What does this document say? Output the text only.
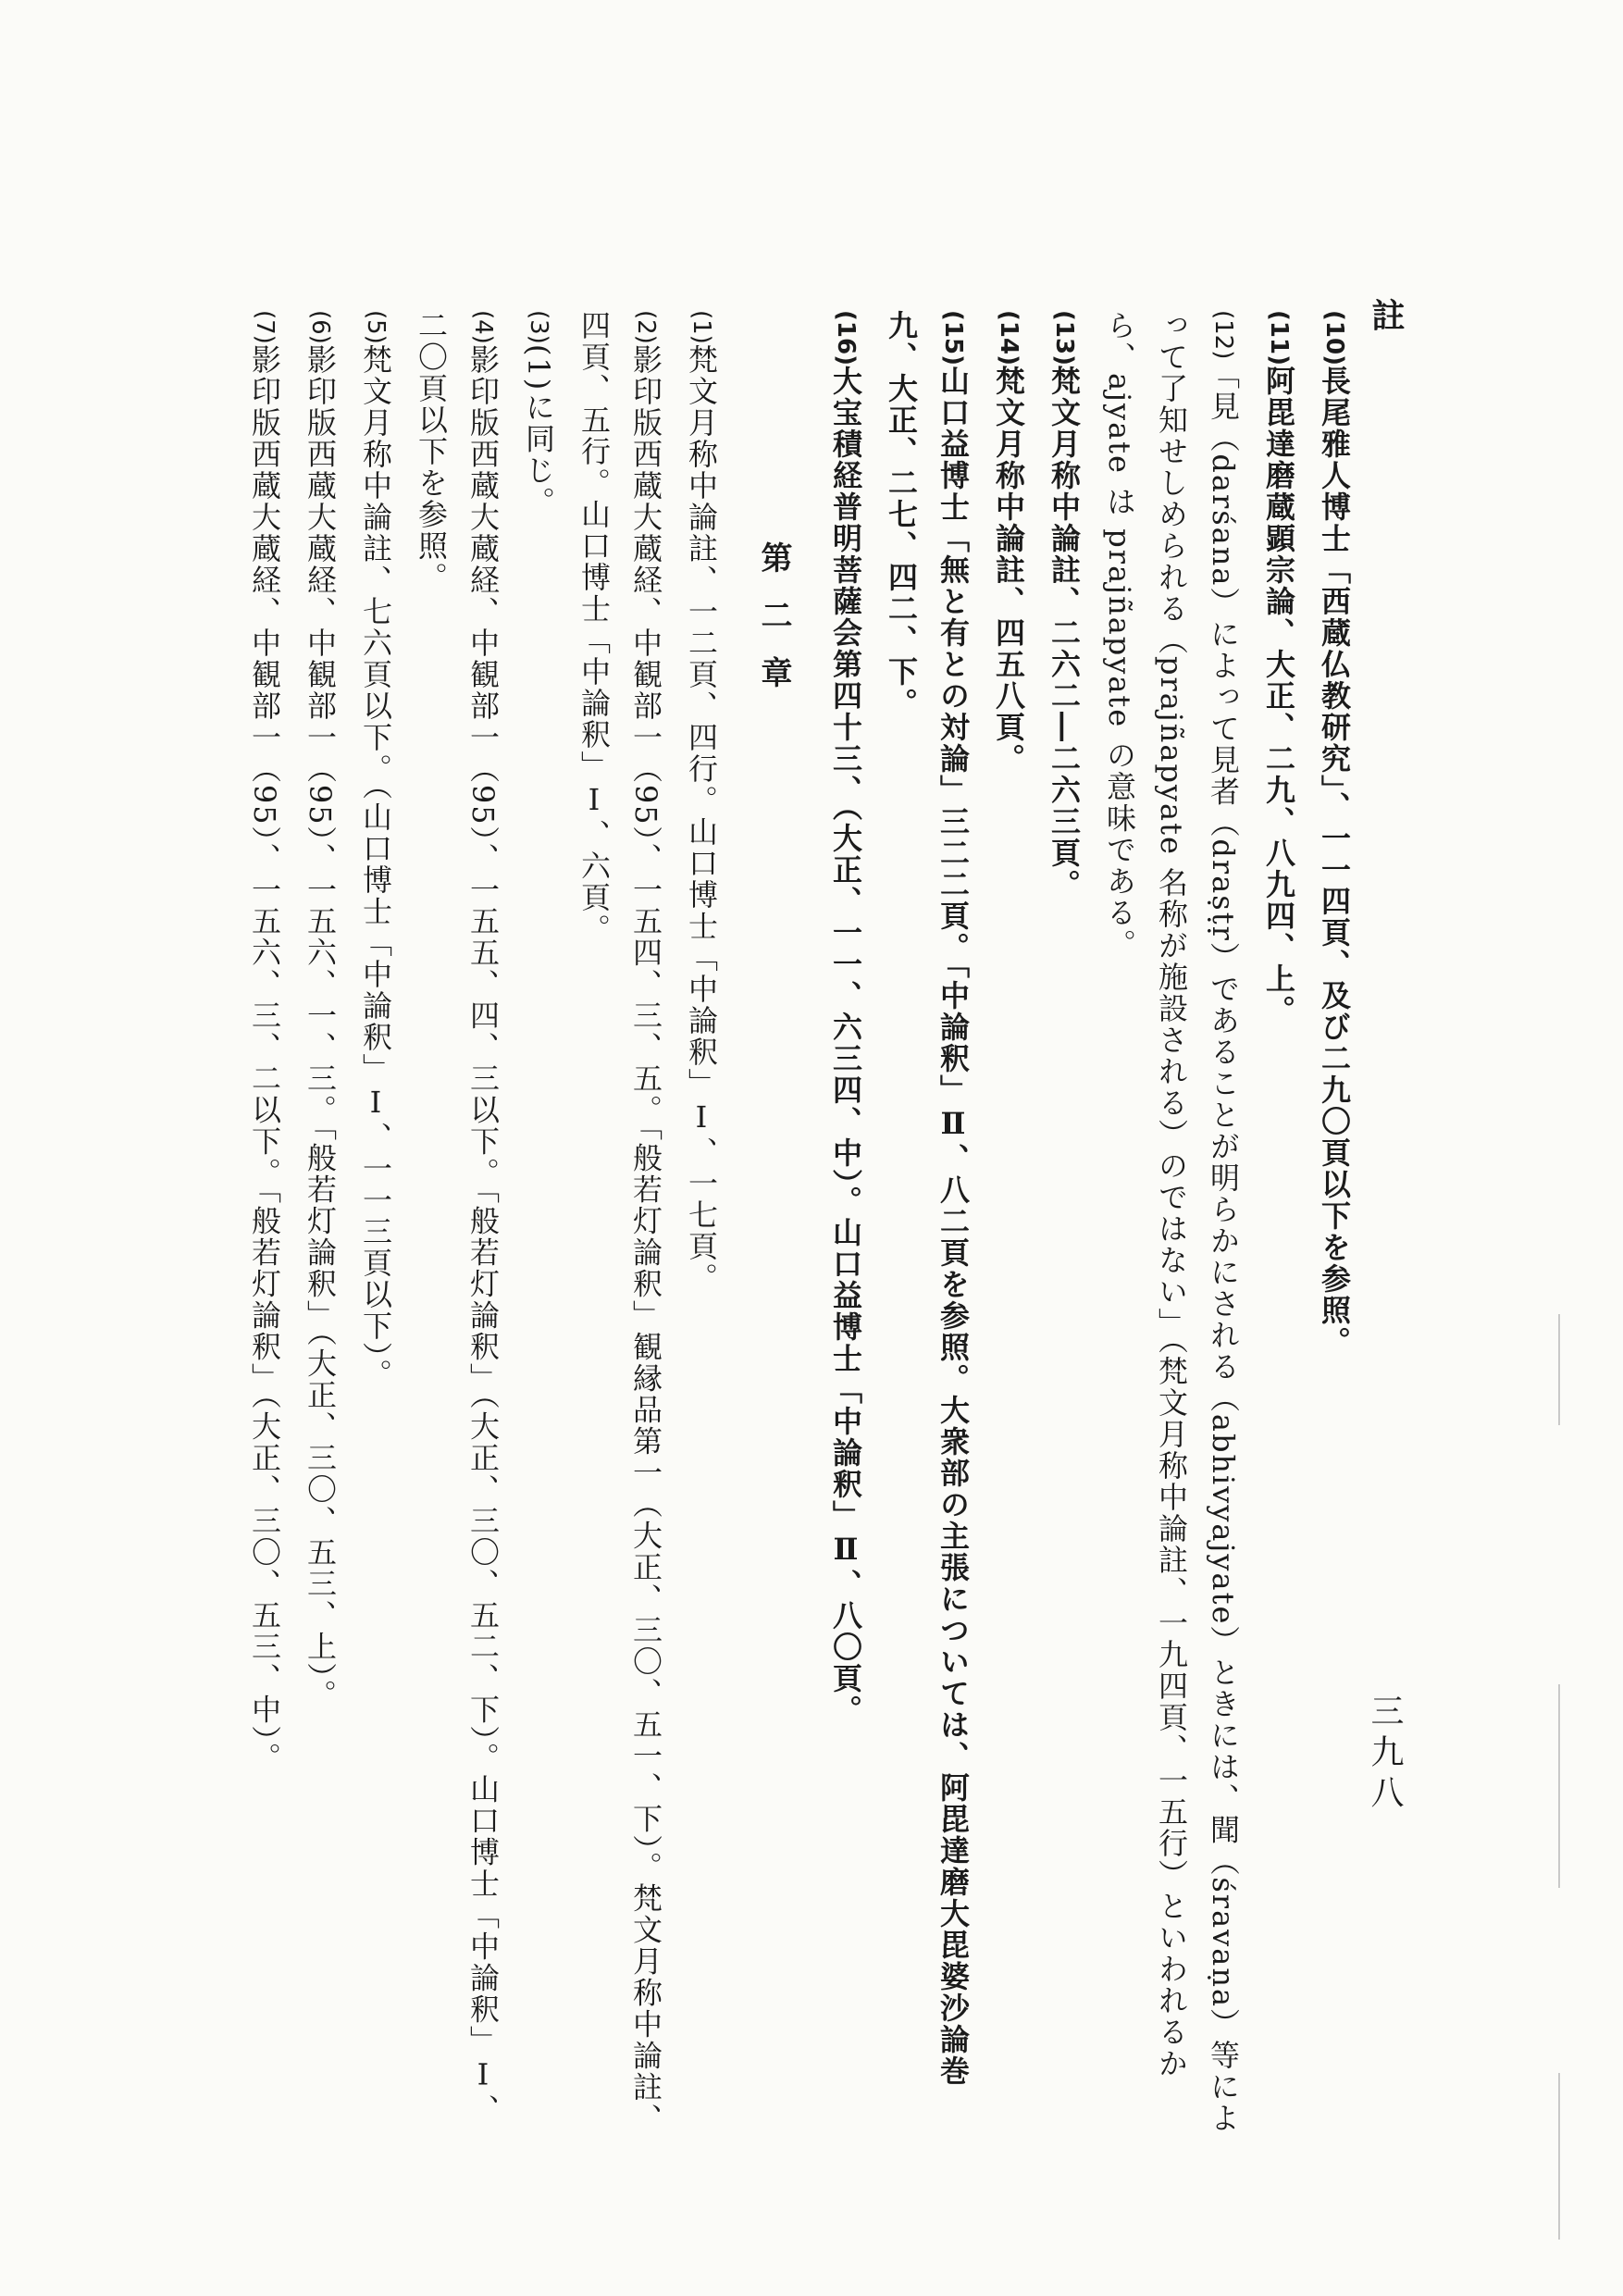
註
三九八
(10)長尾雅人博士「西蔵仏教研究」、一一四頁、及び二九〇頁以下を参照。
(11)阿毘達磨蔵顕宗論、大正、二九、八九四、上。
(12)「見（darśana）によって見者（draṣṭṛ）であることが明らかにされる（abhivyajyate）ときには、聞（śravaṇa）等によって了知せしめられる（prajñapyate 名称が施設される）のではない」（梵文月称中論註、一九四頁、一五行）といわれるから、ajyate は prajñapyate の意味である。
(13)梵文月称中論註、二六二―二六三頁。
(14)梵文月称中論註、四五八頁。
(15)山口益博士「無と有との対論」三二二頁。「中論釈」Ⅱ、八二頁を参照。大衆部の主張については、阿毘達磨大毘婆沙論巻九、大正、二七、四二、下。
(16)大宝積経普明菩薩会第四十三、（大正、一一、六三四、中）。山口益博士「中論釈」Ⅱ、八〇頁。
第二章
(1)梵文月称中論註、一二頁、四行。山口博士「中論釈」Ⅰ、一七頁。
(2)影印版西蔵大蔵経、中観部一（95）、一五四、三、五。「般若灯論釈」観縁品第一（大正、三〇、五一、下）。梵文月称中論註、四頁、五行。山口博士「中論釈」Ⅰ、六頁。
(3)(1)に同じ。
(4)影印版西蔵大蔵経、中観部一（95）、一五五、四、三以下。「般若灯論釈」（大正、三〇、五二、下）。山口博士「中論釈」Ⅰ、二〇頁以下を参照。
(5)梵文月称中論註、七六頁以下。（山口博士「中論釈」Ⅰ、一一三頁以下）。
(6)影印版西蔵大蔵経、中観部一（95）、一五六、一、三。「般若灯論釈」（大正、三〇、五三、上）。
(7)影印版西蔵大蔵経、中観部一（95）、一五六、三、二以下。「般若灯論釈」（大正、三〇、五三、中）。
